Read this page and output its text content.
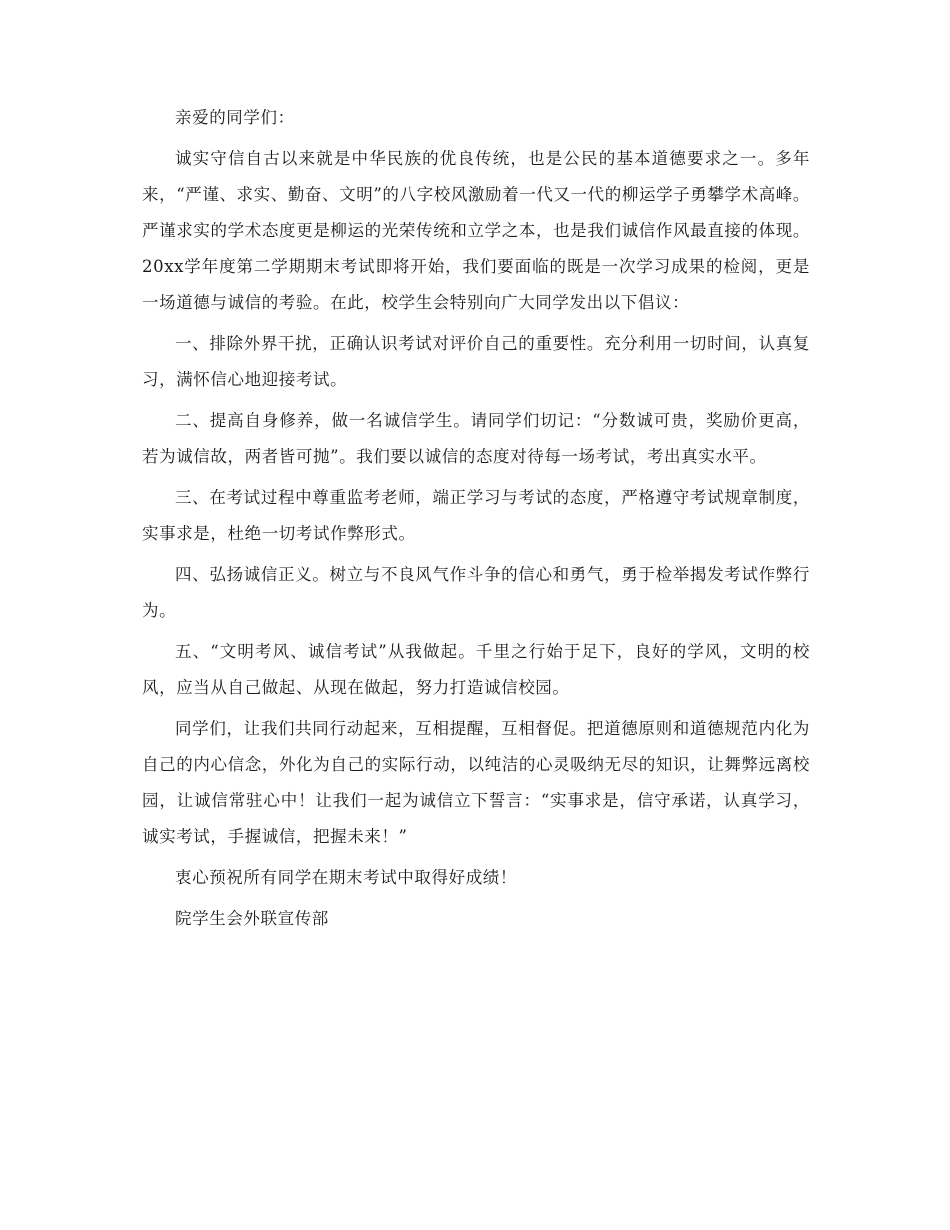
亲爱的同学们：

诚实守信自古以来就是中华民族的优良传统，也是公民的基本道德要求之一。多年来，“严谨、求实、勤奋、文明”的八字校风激励着一代又一代的柳运学子勇攀学术高峰。严谨求实的学术态度更是柳运的光荣传统和立学之本，也是我们诚信作风最直接的体现。20xx学年度第二学期期末考试即将开始，我们要面临的既是一次学习成果的检阅，更是一场道德与诚信的考验。在此，校学生会特别向广大同学发出以下倡议：

一、排除外界干扰，正确认识考试对评价自己的重要性。充分利用一切时间，认真复习，满怀信心地迎接考试。

二、提高自身修养，做一名诚信学生。请同学们切记：“分数诚可贵，奖励价更高，若为诚信故，两者皆可抛”。我们要以诚信的态度对待每一场考试，考出真实水平。

三、在考试过程中尊重监考老师，端正学习与考试的态度，严格遵守考试规章制度，实事求是，杜绝一切考试作弊形式。

四、弘扬诚信正义。树立与不良风气作斗争的信心和勇气，勇于检举揭发考试作弊行为。

五、“文明考风、诚信考试”从我做起。千里之行始于足下，良好的学风，文明的校风，应当从自己做起、从现在做起，努力打造诚信校园。

同学们，让我们共同行动起来，互相提醒，互相督促。把道德原则和道德规范内化为自己的内心信念，外化为自己的实际行动，以纯洁的心灵吸纳无尽的知识，让舞弊远离校园，让诚信常驻心中！让我们一起为诚信立下誓言：“实事求是，信守承诺，认真学习，诚实考试，手握诚信，把握未来！”

衷心预祝所有同学在期末考试中取得好成绩！

院学生会外联宣传部
